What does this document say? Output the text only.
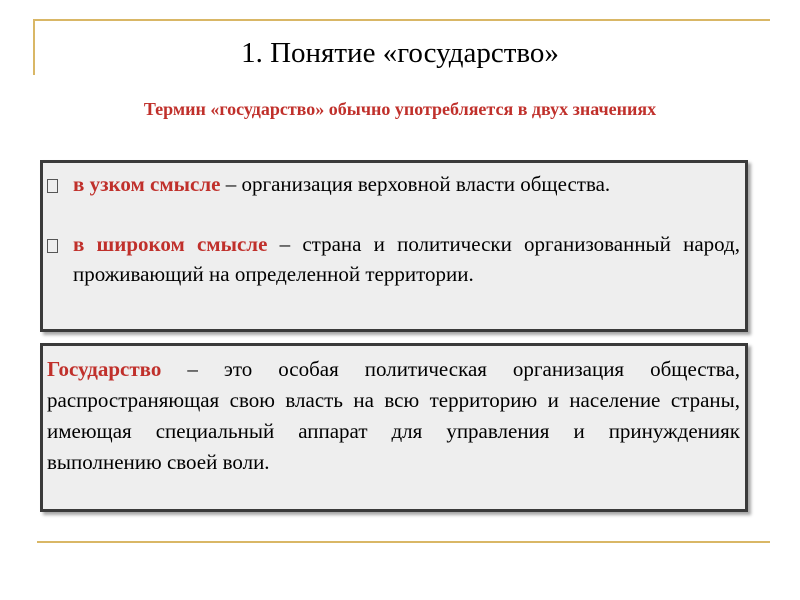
1. Понятие «государство»
Термин «государство» обычно употребляется в двух значениях
в узком смысле – организация верховной власти общества.
в широком смысле – страна и политически организованный народ, проживающий на определенной территории.
Государство – это особая политическая организация общества, распространяющая свою власть на всю территорию и население страны, имеющая специальный аппарат для управления и принужденияк выполнению своей воли.
